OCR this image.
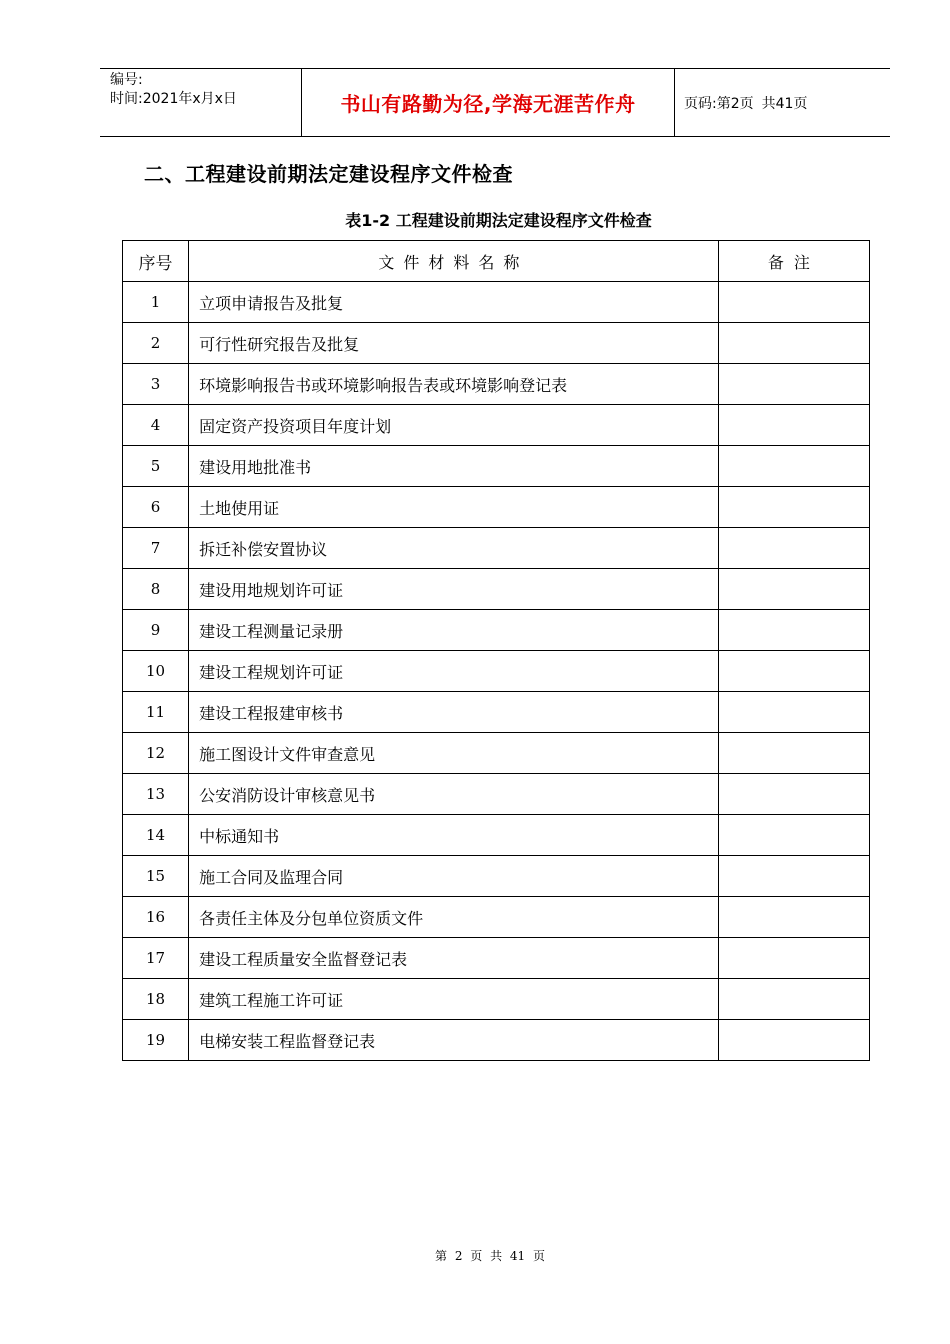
编号:
时间:2021年x月x日	书山有路勤为径,学海无涯苦作舟	页码:第2页 共41页
二、工程建设前期法定建设程序文件检查
表1-2 工程建设前期法定建设程序文件检查
序号	文件材料名称	备注
1	立项申请报告及批复	
2	可行性研究报告及批复	
3	环境影响报告书或环境影响报告表或环境影响登记表	
4	固定资产投资项目年度计划	
5	建设用地批准书	
6	土地使用证	
7	拆迁补偿安置协议	
8	建设用地规划许可证	
9	建设工程测量记录册	
10	建设工程规划许可证	
11	建设工程报建审核书	
12	施工图设计文件审查意见	
13	公安消防设计审核意见书	
14	中标通知书	
15	施工合同及监理合同	
16	各责任主体及分包单位资质文件	
17	建设工程质量安全监督登记表	
18	建筑工程施工许可证	
19	电梯安装工程监督登记表	
第 2 页 共 41 页
